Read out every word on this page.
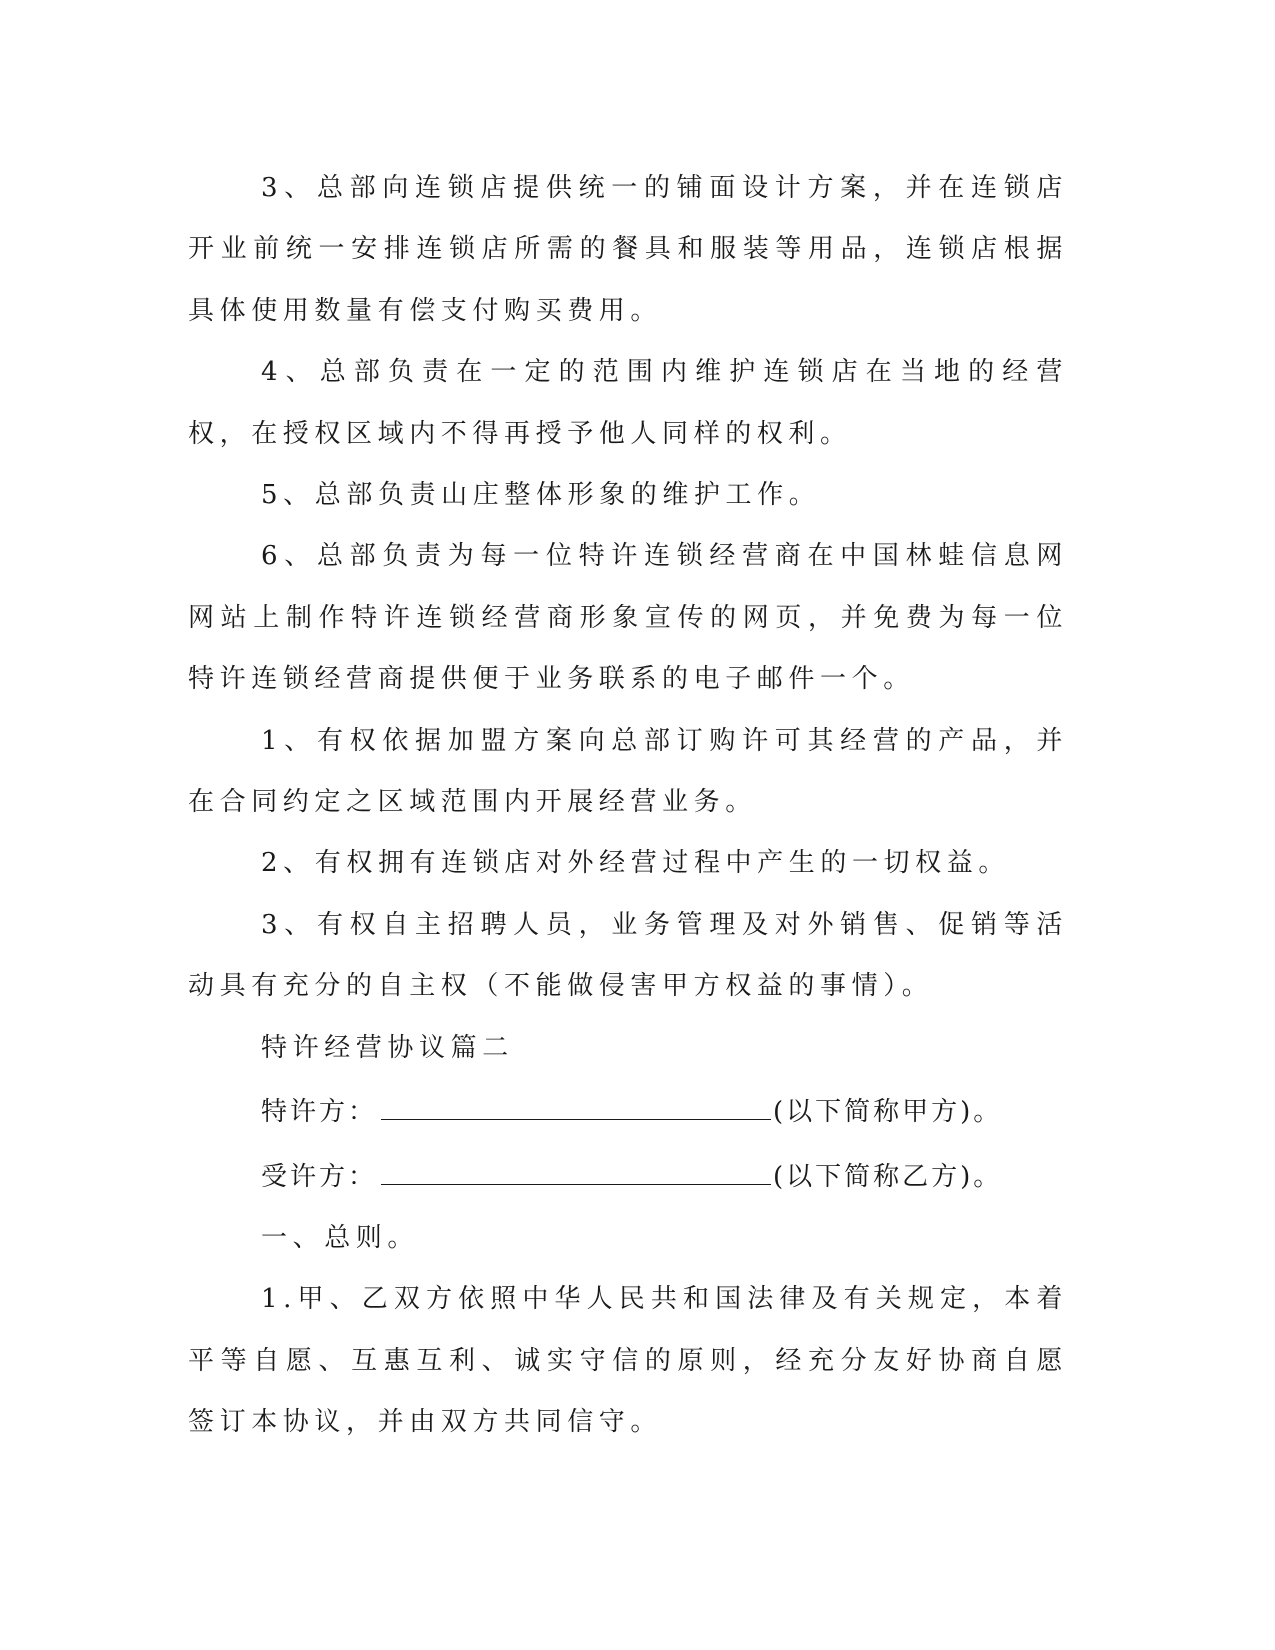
3、总部向连锁店提供统一的铺面设计方案，并在连锁店开业前统一安排连锁店所需的餐具和服装等用品，连锁店根据具体使用数量有偿支付购买费用。

4、总部负责在一定的范围内维护连锁店在当地的经营权，在授权区域内不得再授予他人同样的权利。

5、总部负责山庄整体形象的维护工作。

6、总部负责为每一位特许连锁经营商在中国林蛙信息网网站上制作特许连锁经营商形象宣传的网页，并免费为每一位特许连锁经营商提供便于业务联系的电子邮件一个。

1、有权依据加盟方案向总部订购许可其经营的产品，并在合同约定之区域范围内开展经营业务。

2、有权拥有连锁店对外经营过程中产生的一切权益。

3、有权自主招聘人员，业务管理及对外销售、促销等活动具有充分的自主权（不能做侵害甲方权益的事情）。

特许经营协议篇二

特许方：	(以下简称甲方)。

受许方：	(以下简称乙方)。

一、总则。

1.甲、乙双方依照中华人民共和国法律及有关规定，本着平等自愿、互惠互利、诚实守信的原则，经充分友好协商自愿签订本协议，并由双方共同信守。
